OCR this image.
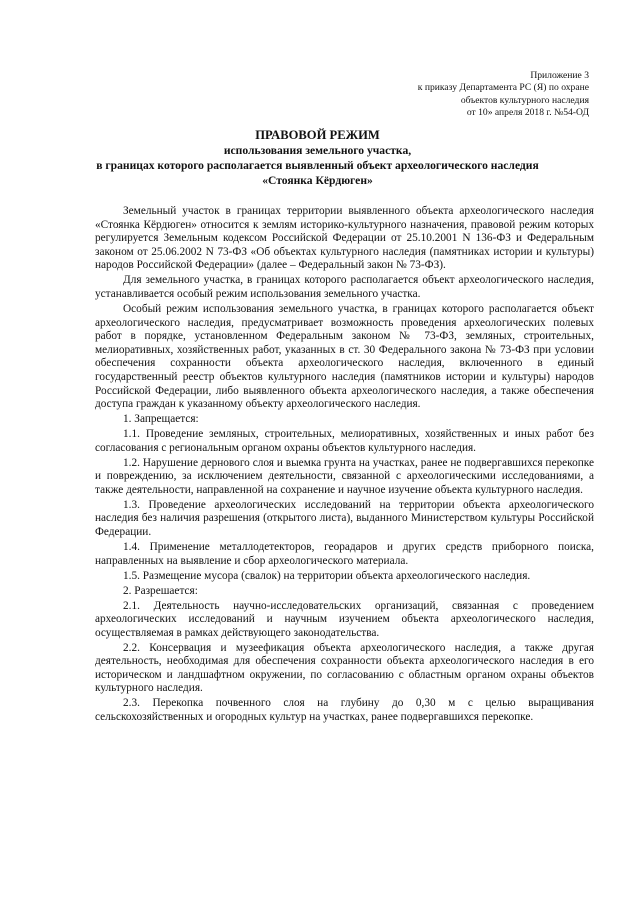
Приложение 3
к приказу Департамента РС (Я) по охране
объектов культурного наследия
от 10» апреля 2018 г. №54-ОД
ПРАВОВОЙ РЕЖИМ
использования земельного участка,
в границах которого располагается выявленный объект археологического наследия
«Стоянка Кёрдюген»

Земельный участок в границах территории выявленного объекта археологического наследия «Стоянка Кёрдюген» относится к землям историко-культурного назначения, правовой режим которых регулируется Земельным кодексом Российской Федерации от 25.10.2001 N 136-ФЗ и Федеральным законом от 25.06.2002 N 73-ФЗ «Об объектах культурного наследия (памятниках истории и культуры) народов Российской Федерации» (далее – Федеральный закон № 73-ФЗ).

Для земельного участка, в границах которого располагается объект археологического наследия, устанавливается особый режим использования земельного участка.

Особый режим использования земельного участка, в границах которого располагается объект археологического наследия, предусматривает возможность проведения археологических полевых работ в порядке, установленном Федеральным законом № 73-ФЗ, земляных, строительных, мелиоративных, хозяйственных работ, указанных в ст. 30 Федерального закона № 73-ФЗ при условии обеспечения сохранности объекта археологического наследия, включенного в единый государственный реестр объектов культурного наследия (памятников истории и культуры) народов Российской Федерации, либо выявленного объекта археологического наследия, а также обеспечения доступа граждан к указанному объекту археологического наследия.

1. Запрещается:

1.1. Проведение земляных, строительных, мелиоративных, хозяйственных и иных работ без согласования с региональным органом охраны объектов культурного наследия.

1.2. Нарушение дернового слоя и выемка грунта на участках, ранее не подвергавшихся перекопке и повреждению, за исключением деятельности, связанной с археологическими исследованиями, а также деятельности, направленной на сохранение и научное изучение объекта культурного наследия.

1.3. Проведение археологических исследований на территории объекта археологического наследия без наличия разрешения (открытого листа), выданного Министерством культуры Российской Федерации.

1.4. Применение металлодетекторов, георадаров и других средств приборного поиска, направленных на выявление и сбор археологического материала.

1.5. Размещение мусора (свалок) на территории объекта археологического наследия.

2. Разрешается:

2.1. Деятельность научно-исследовательских организаций, связанная с проведением археологических исследований и научным изучением объекта археологического наследия, осуществляемая в рамках действующего законодательства.

2.2. Консервация и музеефикация объекта археологического наследия, а также другая деятельность, необходимая для обеспечения сохранности объекта археологического наследия в его историческом и ландшафтном окружении, по согласованию с областным органом охраны объектов культурного наследия.

2.3. Перекопка почвенного слоя на глубину до 0,30 м с целью выращивания сельскохозяйственных и огородных культур на участках, ранее подвергавшихся перекопке.
